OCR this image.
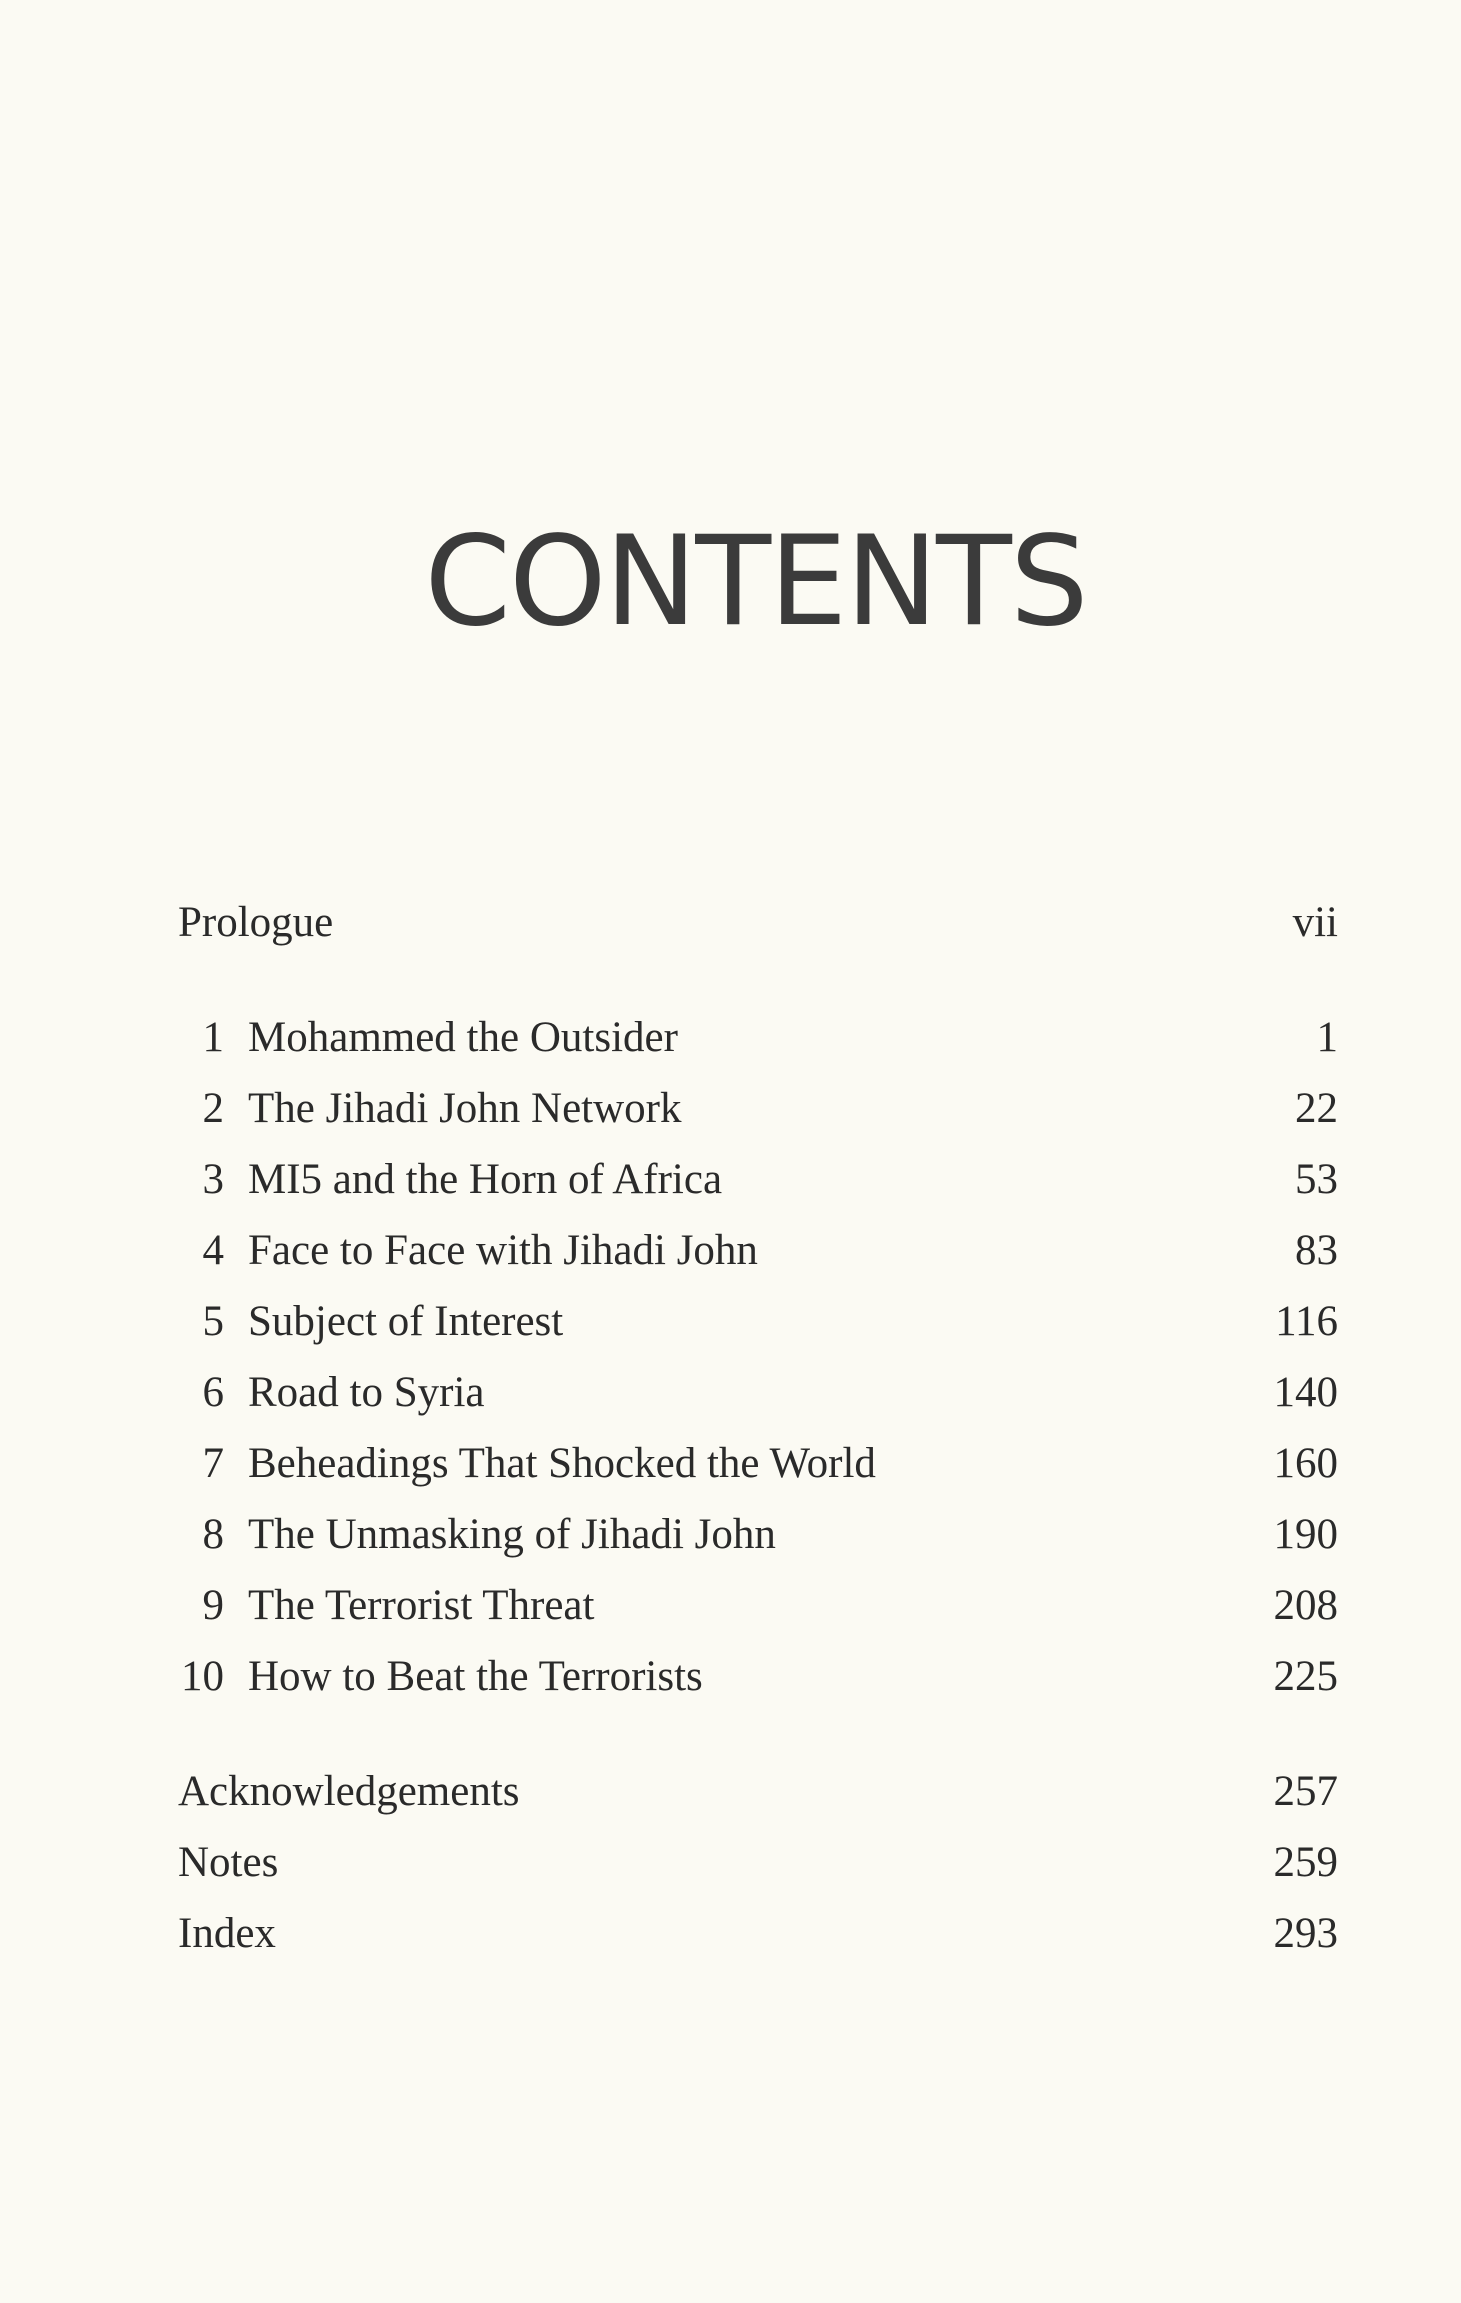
CONTENTS
Prologue	vii
1 Mohammed the Outsider	1
2 The Jihadi John Network	22
3 MI5 and the Horn of Africa	53
4 Face to Face with Jihadi John	83
5 Subject of Interest	116
6 Road to Syria	140
7 Beheadings That Shocked the World	160
8 The Unmasking of Jihadi John	190
9 The Terrorist Threat	208
10 How to Beat the Terrorists	225
Acknowledgements	257
Notes	259
Index	293
